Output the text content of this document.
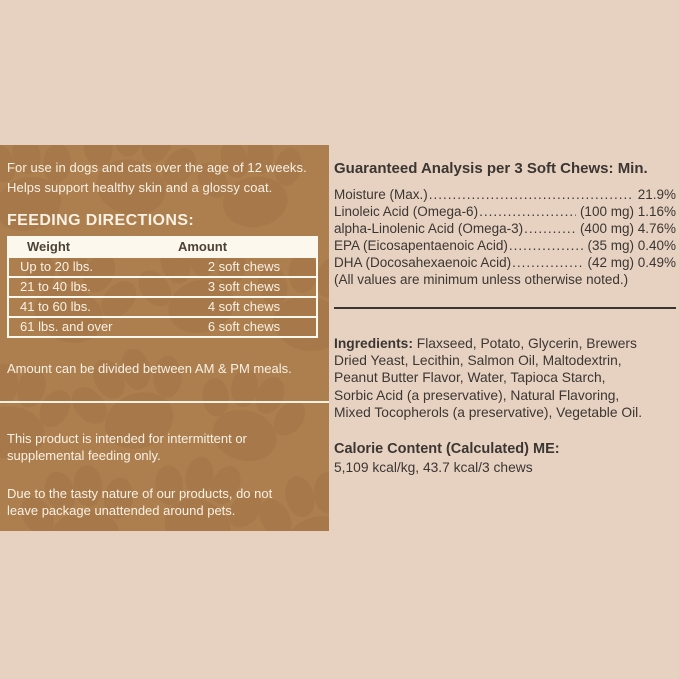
For use in dogs and cats over the age of 12 weeks.
Helps support healthy skin and a glossy coat.
FEEDING DIRECTIONS:
Weight	Amount
Up to 20 lbs.	2 soft chews
21 to 40 lbs.	3 soft chews
41 to 60 lbs.	4 soft chews
61 lbs. and over	6 soft chews
Amount can be divided between AM & PM meals.
This product is intended for intermittent or
supplemental feeding only.
Due to the tasty nature of our products, do not
leave package unattended around pets.
Guaranteed Analysis per 3 Soft Chews: Min.
Moisture (Max.) .....	21.9%
Linoleic Acid (Omega-6) .....	(100 mg) 1.16%
alpha-Linolenic Acid (Omega-3) .....	(400 mg) 4.76%
EPA (Eicosapentaenoic Acid) .....	(35 mg) 0.40%
DHA (Docosahexaenoic Acid) .....	(42 mg) 0.49%
(All values are minimum unless otherwise noted.)
Ingredients: Flaxseed, Potato, Glycerin, Brewers
Dried Yeast, Lecithin, Salmon Oil, Maltodextrin,
Peanut Butter Flavor, Water, Tapioca Starch,
Sorbic Acid (a preservative), Natural Flavoring,
Mixed Tocopherols (a preservative), Vegetable Oil.
Calorie Content (Calculated) ME:
5,109 kcal/kg, 43.7 kcal/3 chews
